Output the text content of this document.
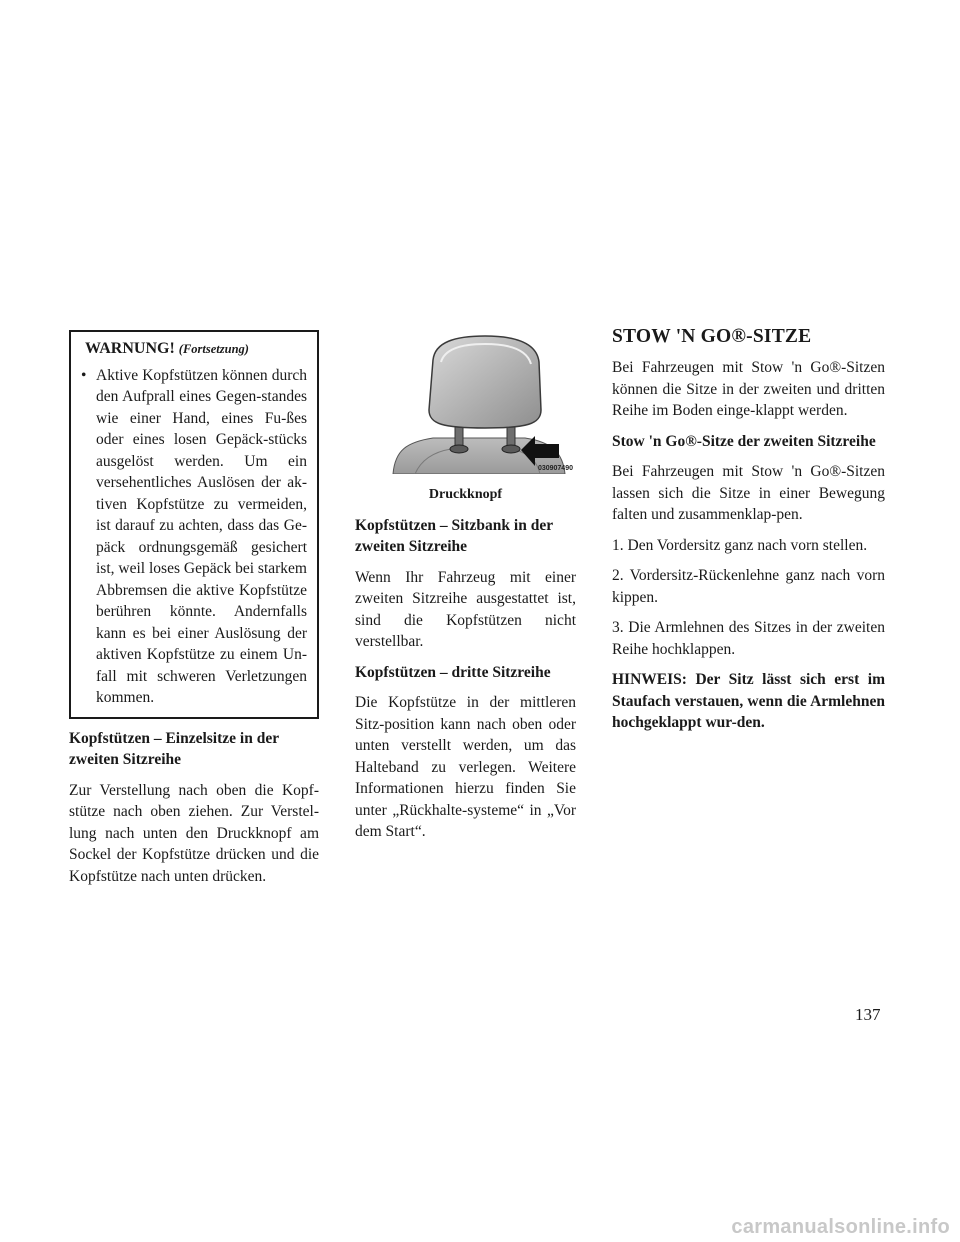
WARNUNG! (Fortsetzung)
• Aktive Kopfstützen können durch den Aufprall eines Gegen-standes wie einer Hand, eines Fu-ßes oder eines losen Gepäck-stücks ausgelöst werden. Um ein versehentliches Auslösen der ak-tiven Kopfstütze zu vermeiden, ist darauf zu achten, dass das Ge-päck ordnungsgemäß gesichert ist, weil loses Gepäck bei starkem Abbremsen die aktive Kopfstütze berühren könnte. Andernfalls kann es bei einer Auslösung der aktiven Kopfstütze zu einem Un-fall mit schweren Verletzungen kommen.
Kopfstützen – Einzelsitze in der zweiten Sitzreihe

Zur Verstellung nach oben die Kopf-stütze nach oben ziehen. Zur Verstel-lung nach unten den Druckknopf am Sockel der Kopfstütze drücken und die Kopfstütze nach unten drücken.

030907490
Druckknopf
Kopfstützen – Sitzbank in der zweiten Sitzreihe

Wenn Ihr Fahrzeug mit einer zweiten Sitzreihe ausgestattet ist, sind die Kopfstützen nicht verstellbar.

Kopfstützen – dritte Sitzreihe

Die Kopfstütze in der mittleren Sitz-position kann nach oben oder unten verstellt werden, um das Halteband zu verlegen. Weitere Informationen hierzu finden Sie unter „Rückhalte-systeme“ in „Vor dem Start“.

STOW 'N GO®-SITZE

Bei Fahrzeugen mit Stow 'n Go®-Sitzen können die Sitze in der zweiten und dritten Reihe im Boden einge-klappt werden.

Stow 'n Go®-Sitze der zweiten Sitzreihe

Bei Fahrzeugen mit Stow 'n Go®-Sitzen lassen sich die Sitze in einer Bewegung falten und zusammenklap-pen.

1. Den Vordersitz ganz nach vorn stellen.

2. Vordersitz-Rückenlehne ganz nach vorn kippen.

3. Die Armlehnen des Sitzes in der zweiten Reihe hochklappen.

HINWEIS: Der Sitz lässt sich erst im Staufach verstauen, wenn die Armlehnen hochgeklappt wur-den.
137
carmanualsonline.info
